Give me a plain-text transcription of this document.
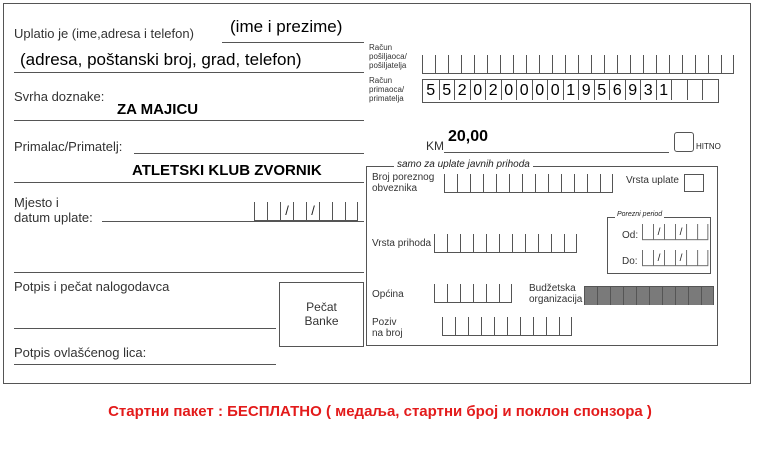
Uplatio je (ime,adresa i telefon) (ime i prezime)
(adresa, poštanski broj, grad, telefon)
Svrha doznake:
ZA MAJICU
Primalac/Primatelj:
ATLETSKI KLUB ZVORNIK
Mjesto i
datum uplate:	/	/
Potpis i pečat nalogodavca
Pečat
Banke
Potpis ovlašćenog lica:
Račun
pošiljaoca/
pošiljatelja
Račun
primaoca/
primatelja 5 5 2 0 2 0 0 0 0 1 9 5 6 9 3 1
KM
20,00
HITNO
samo za uplate javnih prihoda
Broj poreznog
obveznika
Vrsta uplate
Porezni period
Od:	/	/
Do:	/	/
Vrsta prihoda
Općina
Budžetska
organizacija
Poziv
na broj
Стартни пакет : БЕСПЛАТНО ( медаља, стартни број и поклон спонзора )
